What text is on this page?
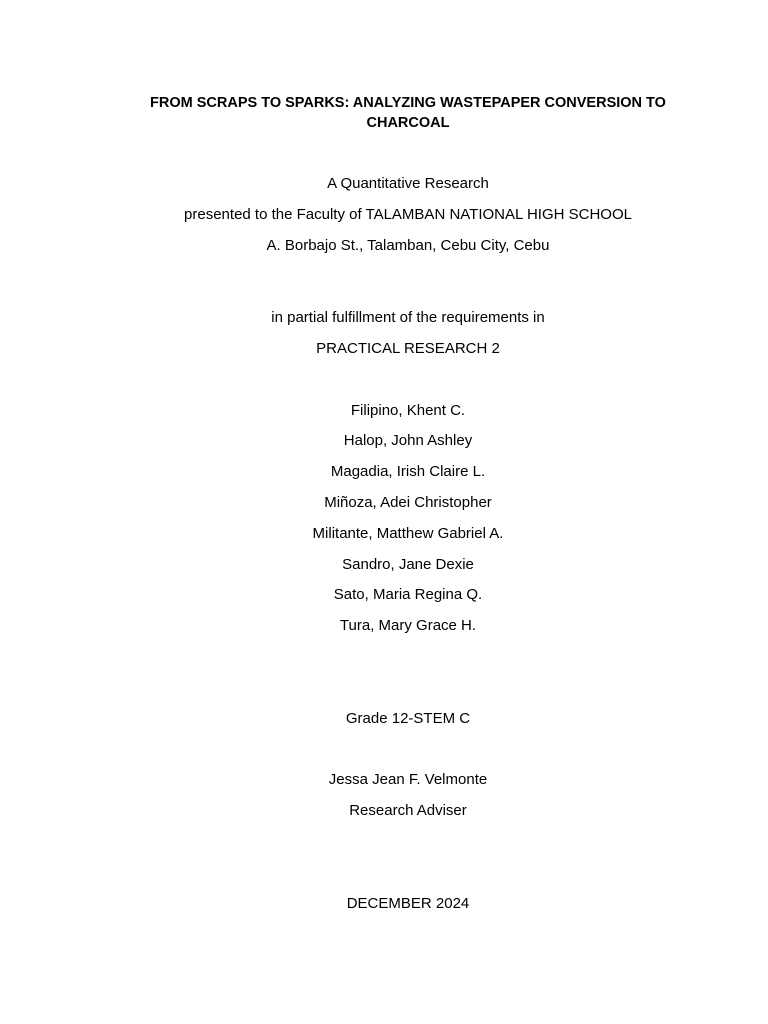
FROM SCRAPS TO SPARKS: ANALYZING WASTEPAPER CONVERSION TO CHARCOAL
A Quantitative Research
presented to the Faculty of TALAMBAN NATIONAL HIGH SCHOOL
A. Borbajo St., Talamban, Cebu City, Cebu
in partial fulfillment of the requirements in
PRACTICAL RESEARCH 2
Filipino, Khent C.
Halop, John Ashley
Magadia, Irish Claire L.
Miñoza, Adei Christopher
Militante, Matthew Gabriel A.
Sandro, Jane Dexie
Sato, Maria Regina Q.
Tura, Mary Grace H.
Grade 12-STEM C
Jessa Jean F. Velmonte
Research Adviser
DECEMBER 2024
